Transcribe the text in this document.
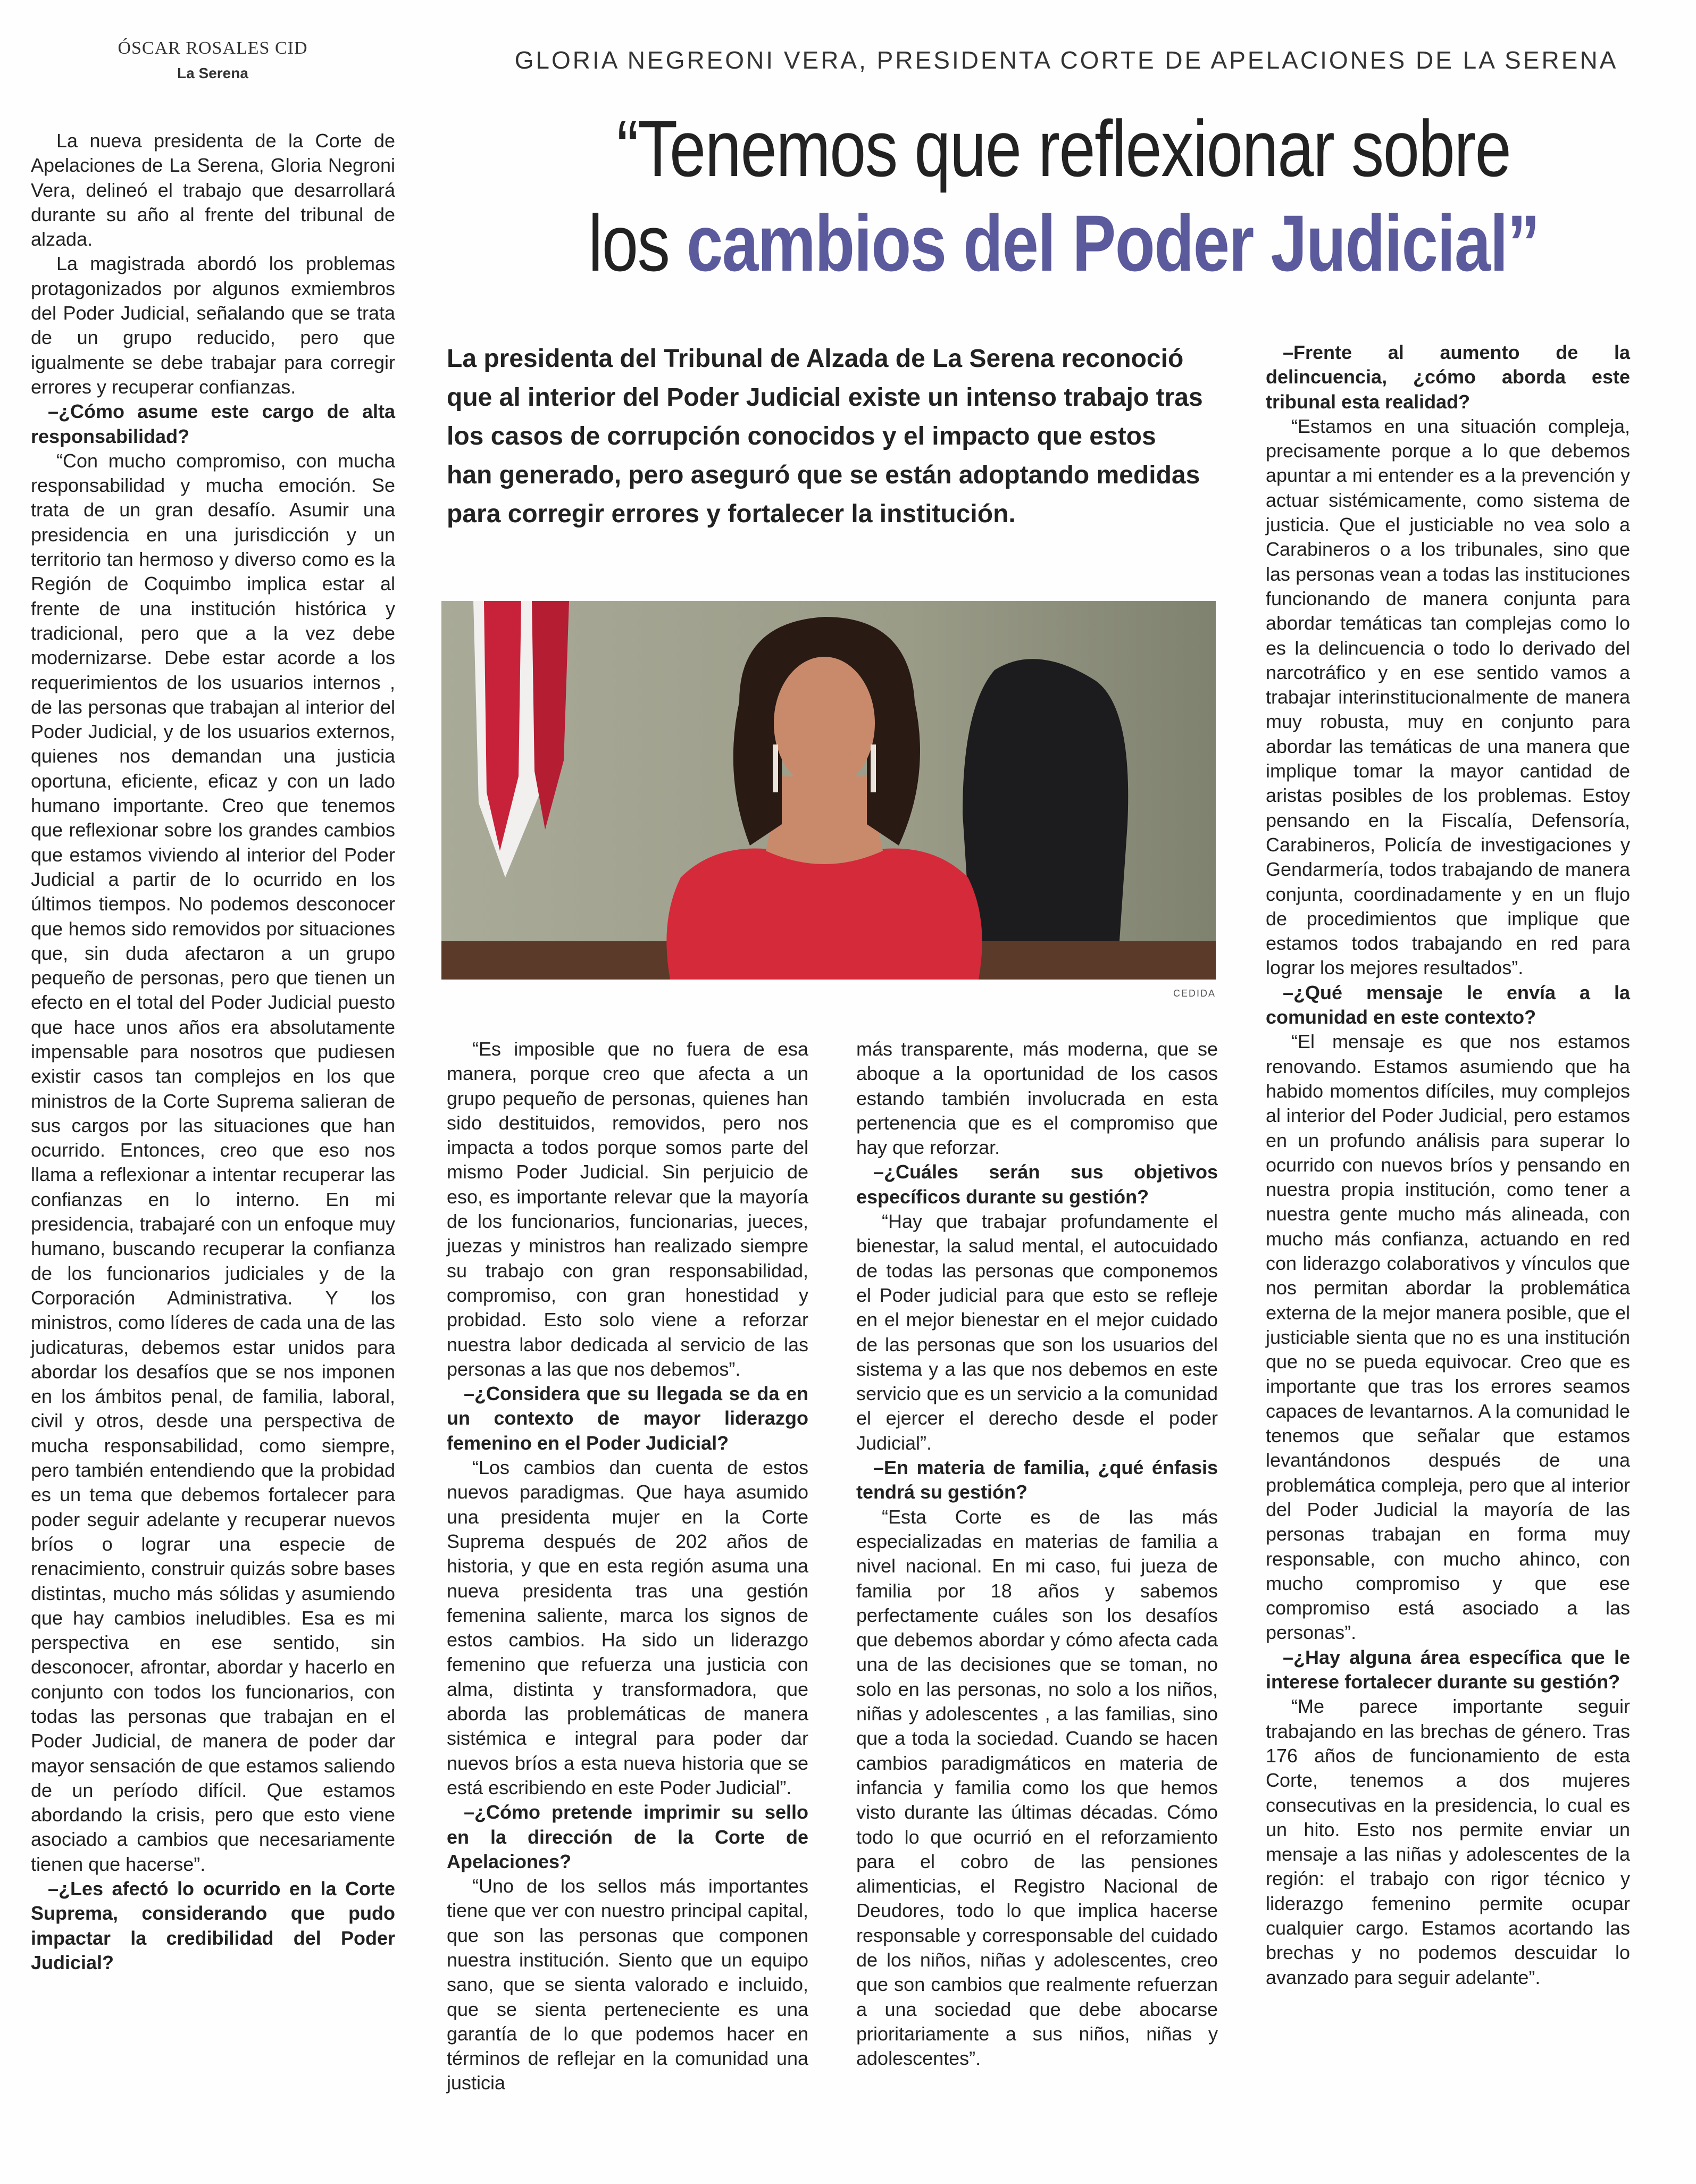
ÓSCAR ROSALES CID
La Serena	GLORIA NEGREONI VERA, PRESIDENTA CORTE DE APELACIONES DE LA SERENA
“Tenemos que reflexionar sobre
los cambios del Poder Judicial”
La presidenta del Tribunal de Alzada de La Serena reconoció que al interior del Poder Judicial existe un intenso trabajo tras los casos de corrupción conocidos y el impacto que estos han generado, pero aseguró que se están adoptando medidas para corregir errores y fortalecer la institución.
CEDIDA

La nueva presidenta de la Corte de Apelaciones de La Serena, Gloria Negroni Vera, delineó el trabajo que desarrollará durante su año al frente del tribunal de alzada.

La magistrada abordó los problemas protagonizados por algunos exmiembros del Poder Judicial, señalando que se trata de un grupo reducido, pero que igualmente se debe trabajar para corregir errores y recuperar confianzas.

–¿Cómo asume este cargo de alta responsabilidad?

“Con mucho compromiso, con mucha responsabilidad y mucha emoción. Se trata de un gran desafío. Asumir una presidencia en una jurisdicción y un territorio tan hermoso y diverso como es la Región de Coquimbo implica estar al frente de una institución histórica y tradicional, pero que a la vez debe modernizarse. Debe estar acorde a los requerimientos de los usuarios internos , de las personas que trabajan al interior del Poder Judicial, y de los usuarios externos, quienes nos demandan una justicia oportuna, eficiente, eficaz y con un lado humano importante. Creo que tenemos que reflexionar sobre los grandes cambios que estamos viviendo al interior del Poder Judicial a partir de lo ocurrido en los últimos tiempos. No podemos desconocer que hemos sido removidos por situaciones que, sin duda afectaron a un grupo pequeño de personas, pero que tienen un efecto en el total del Poder Judicial puesto que hace unos años era absolutamente impensable para nosotros que pudiesen existir casos tan complejos en los que ministros de la Corte Suprema salieran de sus cargos por las situaciones que han ocurrido. Entonces, creo que eso nos llama a reflexionar a intentar recuperar las confianzas en lo interno. En mi presidencia, trabajaré con un enfoque muy humano, buscando recuperar la confianza de los funcionarios judiciales y de la Corporación Administrativa. Y los ministros, como líderes de cada una de las judicaturas, debemos estar unidos para abordar los desafíos que se nos imponen en los ámbitos penal, de familia, laboral, civil y otros, desde una perspectiva de mucha responsabilidad, como siempre, pero también entendiendo que la probidad es un tema que debemos fortalecer para poder seguir adelante y recuperar nuevos bríos o lograr una especie de renacimiento, construir quizás sobre bases distintas, mucho más sólidas y asumiendo que hay cambios ineludibles. Esa es mi perspectiva en ese sentido, sin desconocer, afrontar, abordar y hacerlo en conjunto con todos los funcionarios, con todas las personas que trabajan en el Poder Judicial, de manera de poder dar mayor sensación de que estamos saliendo de un período difícil. Que estamos abordando la crisis, pero que esto viene asociado a cambios que necesariamente tienen que hacerse”.

–¿Les afectó lo ocurrido en la Corte Suprema, considerando que pudo impactar la credibilidad del Poder Judicial?

“Es imposible que no fuera de esa manera, porque creo que afecta a un grupo pequeño de personas, quienes han sido destituidos, removidos, pero nos impacta a todos porque somos parte del mismo Poder Judicial. Sin perjuicio de eso, es importante relevar que la mayoría de los funcionarios, funcionarias, jueces, juezas y ministros han realizado siempre su trabajo con gran responsabilidad, compromiso, con gran honestidad y probidad. Esto solo viene a reforzar nuestra labor dedicada al servicio de las personas a las que nos debemos”.

–¿Considera que su llegada se da en un contexto de mayor liderazgo femenino en el Poder Judicial?

“Los cambios dan cuenta de estos nuevos paradigmas. Que haya asumido una presidenta mujer en la Corte Suprema después de 202 años de historia, y que en esta región asuma una nueva presidenta tras una gestión femenina saliente, marca los signos de estos cambios. Ha sido un liderazgo femenino que refuerza una justicia con alma, distinta y transformadora, que aborda las problemáticas de manera sistémica e integral para poder dar nuevos bríos a esta nueva historia que se está escribiendo en este Poder Judicial”.

–¿Cómo pretende imprimir su sello en la dirección de la Corte de Apelaciones?

“Uno de los sellos más importantes tiene que ver con nuestro principal capital, que son las personas que componen nuestra institución. Siento que un equipo sano, que se sienta valorado e incluido, que se sienta perteneciente es una garantía de lo que podemos hacer en términos de reflejar en la comunidad una justicia

más transparente, más moderna, que se aboque a la oportunidad de los casos estando también involucrada en esta pertenencia que es el compromiso que hay que reforzar.

–¿Cuáles serán sus objetivos específicos durante su gestión?

“Hay que trabajar profundamente el bienestar, la salud mental, el autocuidado de todas las personas que componemos el Poder judicial para que esto se refleje en el mejor bienestar en el mejor cuidado de las personas que son los usuarios del sistema y a las que nos debemos en este servicio que es un servicio a la comunidad el ejercer el derecho desde el poder Judicial”.

–En materia de familia, ¿qué énfasis tendrá su gestión?

“Esta Corte es de las más especializadas en materias de familia a nivel nacional. En mi caso, fui jueza de familia por 18 años y sabemos perfectamente cuáles son los desafíos que debemos abordar y cómo afecta cada una de las decisiones que se toman, no solo en las personas, no solo a los niños, niñas y adolescentes , a las familias, sino que a toda la sociedad. Cuando se hacen cambios paradigmáticos en materia de infancia y familia como los que hemos visto durante las últimas décadas. Cómo todo lo que ocurrió en el reforzamiento para el cobro de las pensiones alimenticias, el Registro Nacional de Deudores, todo lo que implica hacerse responsable y corresponsable del cuidado de los niños, niñas y adolescentes, creo que son cambios que realmente refuerzan a una sociedad que debe abocarse prioritariamente a sus niños, niñas y adolescentes”.

–Frente al aumento de la delincuencia, ¿cómo aborda este tribunal esta realidad?

“Estamos en una situación compleja, precisamente porque a lo que debemos apuntar a mi entender es a la prevención y actuar sistémicamente, como sistema de justicia. Que el justiciable no vea solo a Carabineros o a los tribunales, sino que las personas vean a todas las instituciones funcionando de manera conjunta para abordar temáticas tan complejas como lo es la delincuencia o todo lo derivado del narcotráfico y en ese sentido vamos a trabajar interinstitucionalmente de manera muy robusta, muy en conjunto para abordar las temáticas de una manera que implique tomar la mayor cantidad de aristas posibles de los problemas. Estoy pensando en la Fiscalía, Defensoría, Carabineros, Policía de investigaciones y Gendarmería, todos trabajando de manera conjunta, coordinadamente y en un flujo de procedimientos que implique que estamos todos trabajando en red para lograr los mejores resultados”.

–¿Qué mensaje le envía a la comunidad en este contexto?

“El mensaje es que nos estamos renovando. Estamos asumiendo que ha habido momentos difíciles, muy complejos al interior del Poder Judicial, pero estamos en un profundo análisis para superar lo ocurrido con nuevos bríos y pensando en nuestra propia institución, como tener a nuestra gente mucho más alineada, con mucho más confianza, actuando en red con liderazgo colaborativos y vínculos que nos permitan abordar la problemática externa de la mejor manera posible, que el justiciable sienta que no es una institución que no se pueda equivocar. Creo que es importante que tras los errores seamos capaces de levantarnos. A la comunidad le tenemos que señalar que estamos levantándonos después de una problemática compleja, pero que al interior del Poder Judicial la mayoría de las personas trabajan en forma muy responsable, con mucho ahinco, con mucho compromiso y que ese compromiso está asociado a las personas”.

–¿Hay alguna área específica que le interese fortalecer durante su gestión?

“Me parece importante seguir trabajando en las brechas de género. Tras 176 años de funcionamiento de esta Corte, tenemos a dos mujeres consecutivas en la presidencia, lo cual es un hito. Esto nos permite enviar un mensaje a las niñas y adolescentes de la región: el trabajo con rigor técnico y liderazgo femenino permite ocupar cualquier cargo. Estamos acortando las brechas y no podemos descuidar lo avanzado para seguir adelante”.
